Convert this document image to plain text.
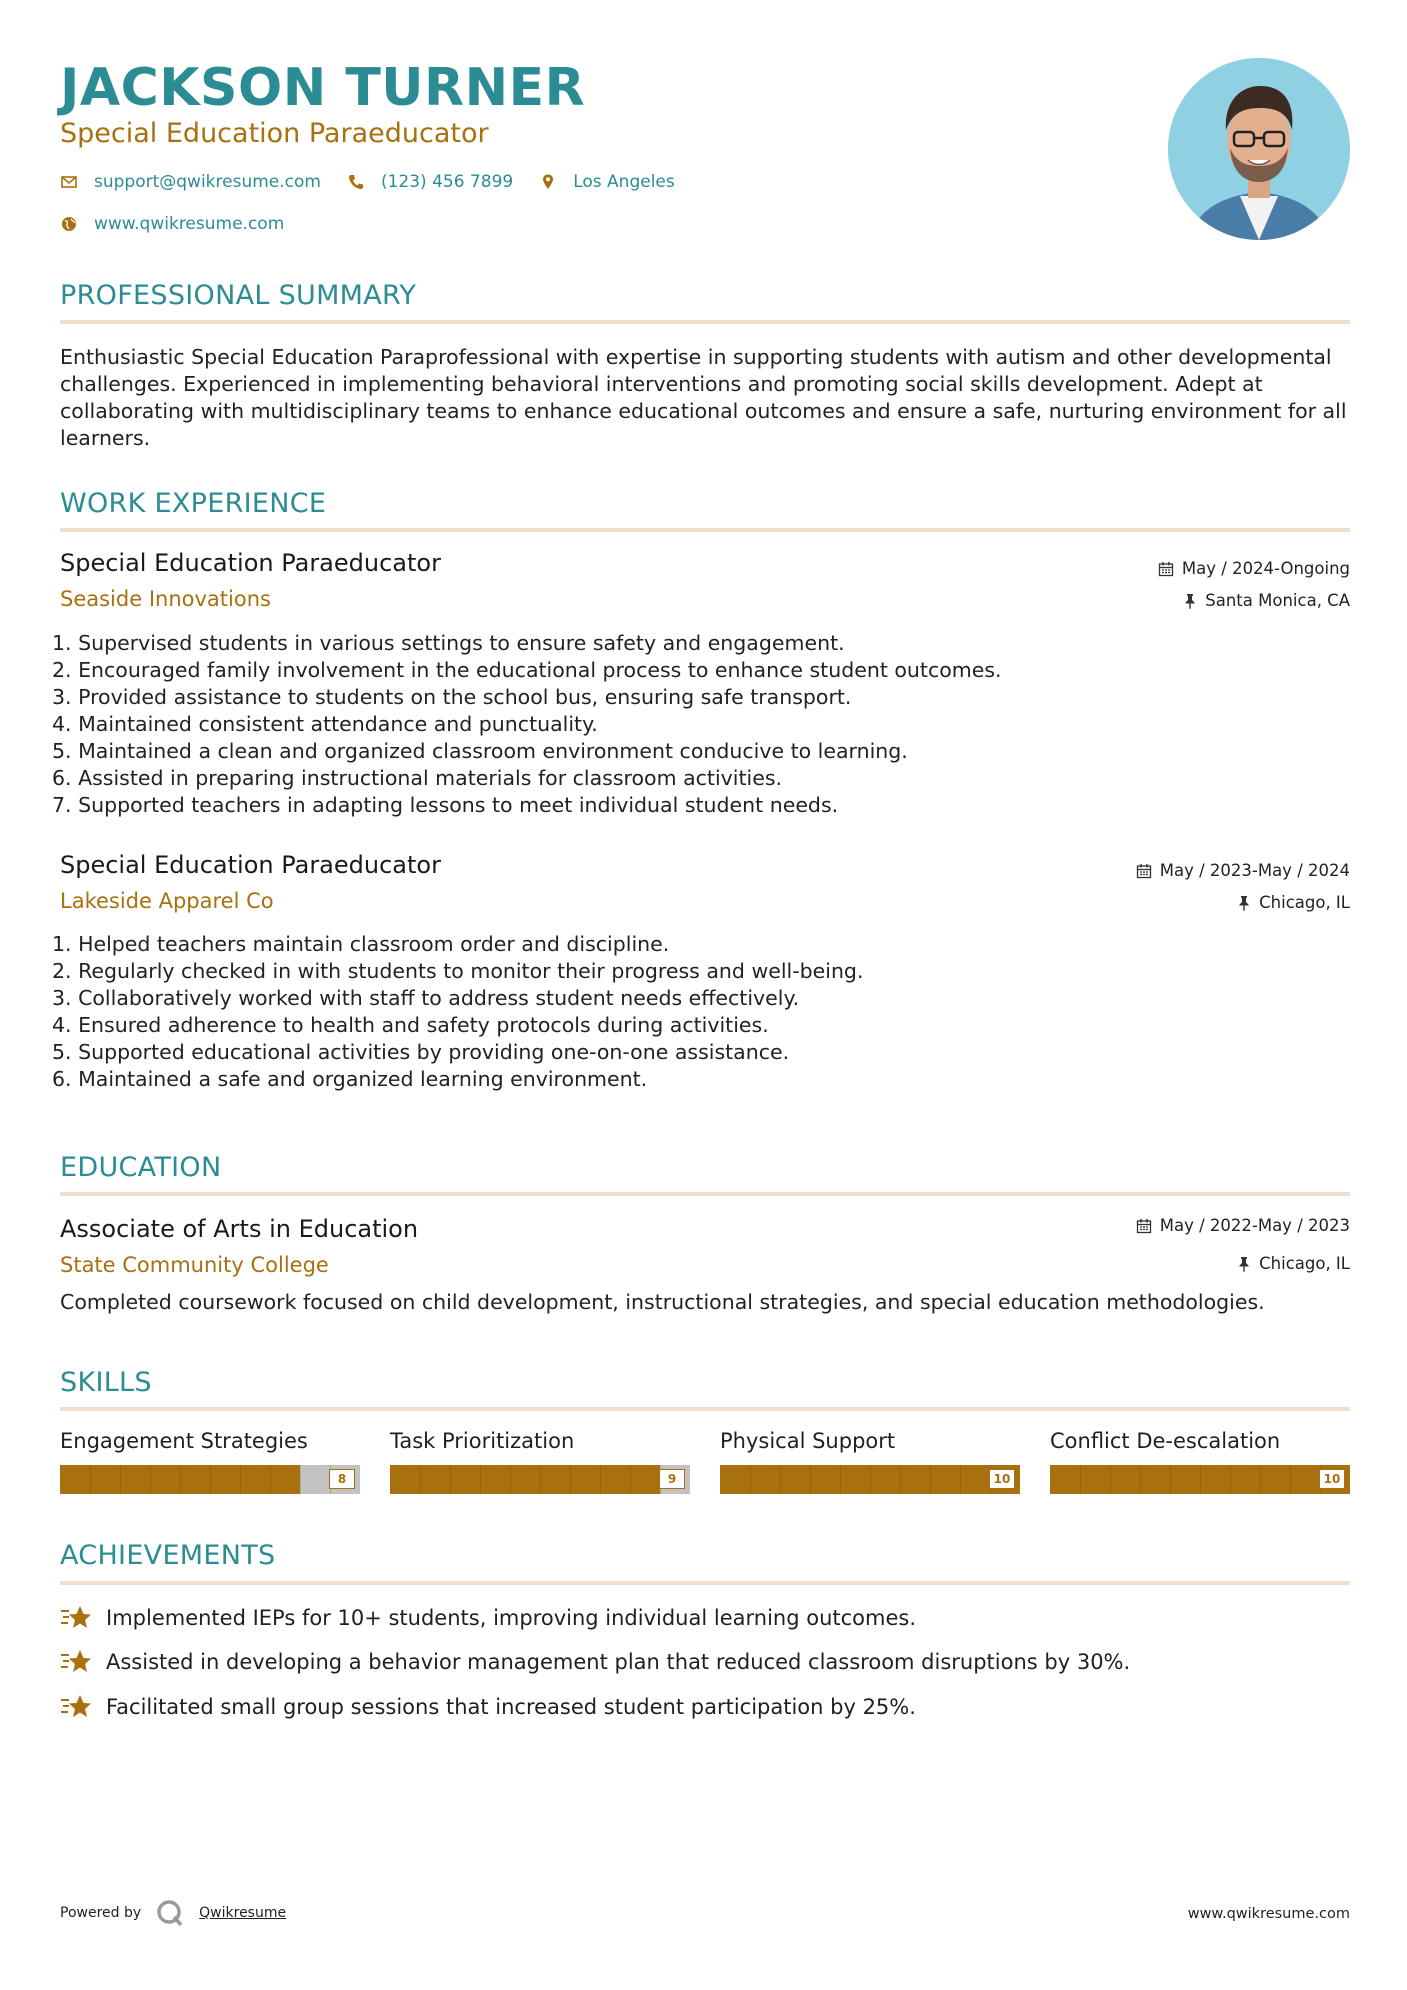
JACKSON TURNER
Special Education Paraeducator
support@qwikresume.com	(123) 456 7899	Los Angeles
www.qwikresume.com
PROFESSIONAL SUMMARY

Enthusiastic Special Education Paraprofessional with expertise in supporting students with autism and other developmental challenges. Experienced in implementing behavioral interventions and promoting social skills development. Adept at collaborating with multidisciplinary teams to enhance educational outcomes and ensure a safe, nurturing environment for all learners.

WORK EXPERIENCE
Special Education Paraeducator
Seaside Innovations
May / 2024-Ongoing
Santa Monica, CA
1. Supervised students in various settings to ensure safety and engagement.
2. Encouraged family involvement in the educational process to enhance student outcomes.
3. Provided assistance to students on the school bus, ensuring safe transport.
4. Maintained consistent attendance and punctuality.
5. Maintained a clean and organized classroom environment conducive to learning.
6. Assisted in preparing instructional materials for classroom activities.
7. Supported teachers in adapting lessons to meet individual student needs.
Special Education Paraeducator
Lakeside Apparel Co
May / 2023-May / 2024
Chicago, IL
1. Helped teachers maintain classroom order and discipline.
2. Regularly checked in with students to monitor their progress and well-being.
3. Collaboratively worked with staff to address student needs effectively.
4. Ensured adherence to health and safety protocols during activities.
5. Supported educational activities by providing one-on-one assistance.
6. Maintained a safe and organized learning environment.
EDUCATION
Associate of Arts in Education
State Community College
May / 2022-May / 2023
Chicago, IL

Completed coursework focused on child development, instructional strategies, and special education methodologies.

SKILLS
Engagement Strategies
8
Task Prioritization
9
Physical Support
10
Conflict De-escalation
10
ACHIEVEMENTS
Implemented IEPs for 10+ students, improving individual learning outcomes.
Assisted in developing a behavior management plan that reduced classroom disruptions by 30%.
Facilitated small group sessions that increased student participation by 25%.
Powered by	Qwikresume	www.qwikresume.com
